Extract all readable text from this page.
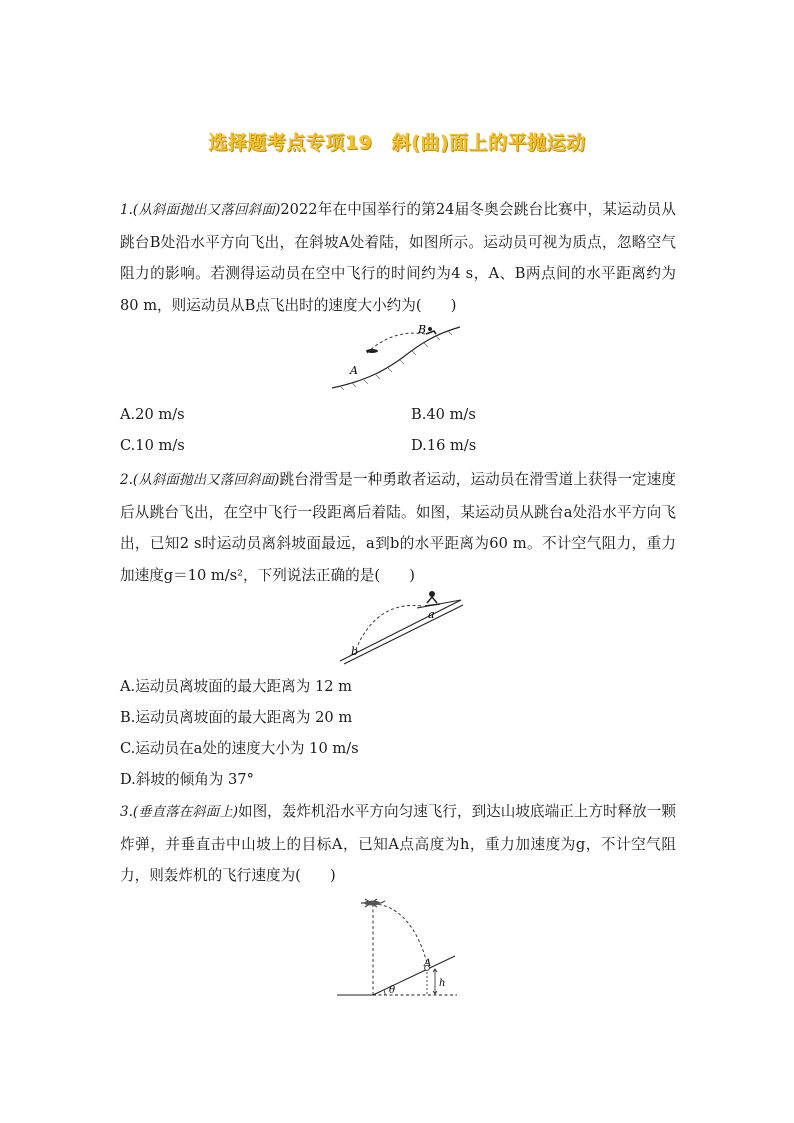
选择题考点专项19　斜(曲)面上的平抛运动

1.(从斜面抛出又落回斜面)2022年在中国举行的第24届冬奥会跳台比赛中，某运动员从跳台B处沿水平方向飞出，在斜坡A处着陆，如图所示。运动员可视为质点，忽略空气阻力的影响。若测得运动员在空中飞行的时间约为4 s，A、B两点间的水平距离约为80 m，则运动员从B点飞出时的速度大小约为(　　)

A
B
A.20 m/s	B.40 m/s
C.10 m/s	D.16 m/s

2.(从斜面抛出又落回斜面)跳台滑雪是一种勇敢者运动，运动员在滑雪道上获得一定速度后从跳台飞出，在空中飞行一段距离后着陆。如图，某运动员从跳台a处沿水平方向飞出，已知2 s时运动员离斜坡面最远，a到b的水平距离为60 m。不计空气阻力，重力加速度g＝10 m/s²，下列说法正确的是(　　)

a
b
A.运动员离坡面的最大距离为 12 m
B.运动员离坡面的最大距离为 20 m
C.运动员在a处的速度大小为 10 m/s
D.斜坡的倾角为 37°

3.(垂直落在斜面上)如图，轰炸机沿水平方向匀速飞行，到达山坡底端正上方时释放一颗炸弹，并垂直击中山坡上的目标A，已知A点高度为h，重力加速度为g，不计空气阻力，则轰炸机的飞行速度为(　　)

A
h
θ
